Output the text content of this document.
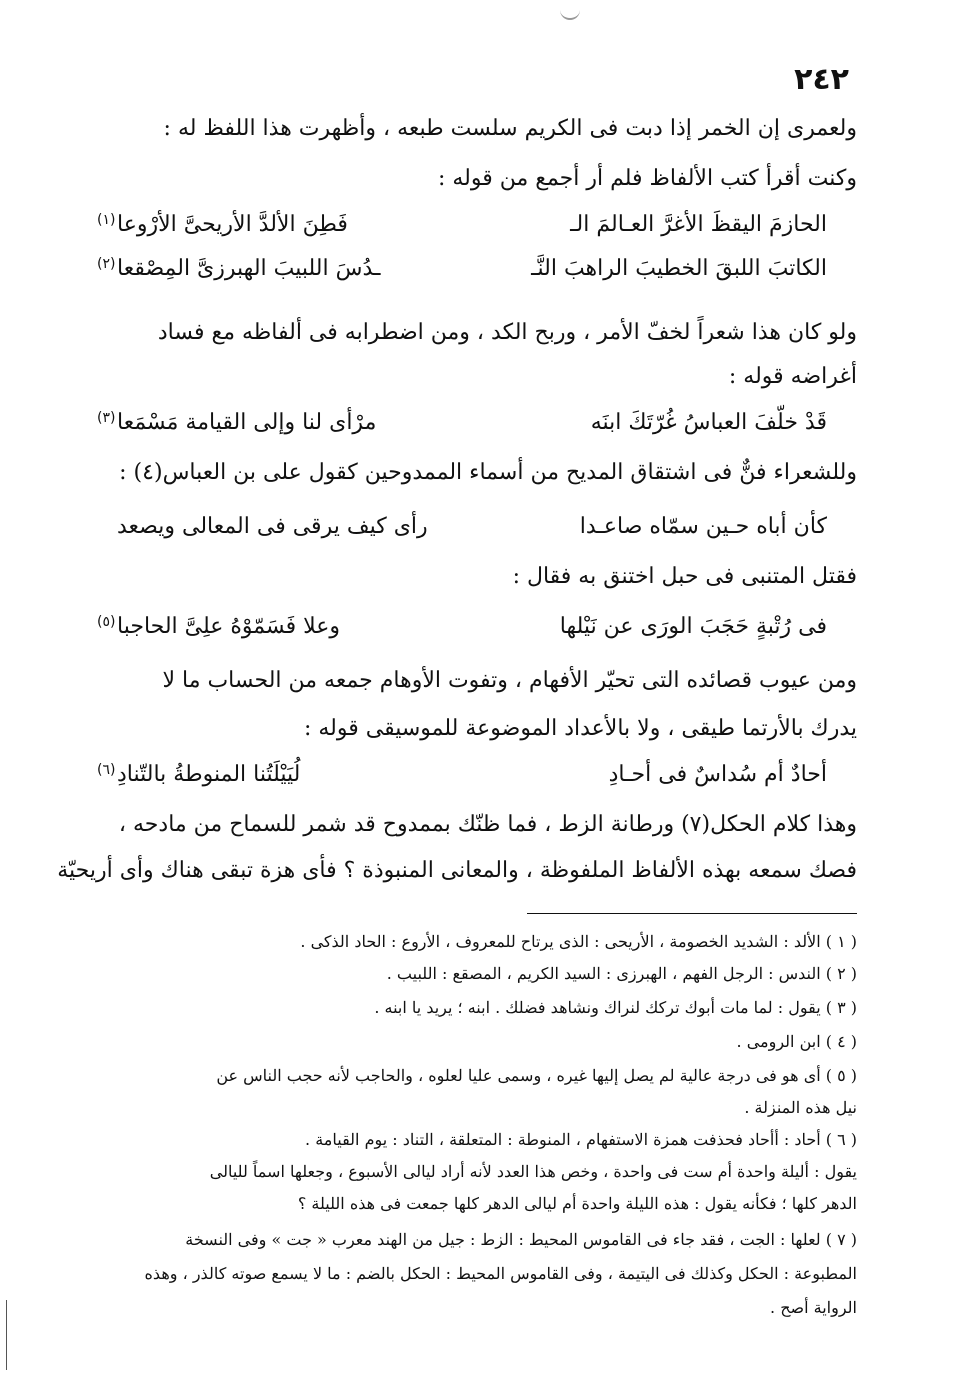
٢٤٢
ولعمرى إن الخمر إذا دبت فى الكريم سلست طبعه ، وأظهرت هذا اللفظ له :
وكنت أقرأ كتب الألفاظ فلم أر أجمع من قوله :
الحازمَ اليقظَ الأغرَّ العـالمَ الـ
فَطِنَ الألدَّ الأريحىَّ الأرْوعا
(١)
الكاتبَ اللبقَ الخطيبَ الراهبَ النَّـ
ـدُسَ اللبيبَ الهبرزىَّ المِصْقعا
(٢)
ولو كان هذا شعراً لخفّ الأمر ، وربح الكد ، ومن اضطرابه فى ألفاظه مع فساد
أغراضه قوله :
قَدْ خلّفَ العباسُ غُرّتَكَ ابنَه
مرْأى لنا وإلى القيامة مَسْمَعا
(٣)
وللشعراء فنٌّ فى اشتقاق المديح من أسماء الممدوحين كقول على بن العباس(٤) :
كأن أباه حـين سمّاه صاعـدا
رأى كيف يرقى فى المعالى ويصعد
فقتل المتنبى فى حبل اختنق به فقال :
فى رُتْبةٍ حَجَبَ الورَى عن نَيْلها
وعلا فَسَمّوْهُ علِىَّ الحاجبا
(٥)
ومن عيوب قصائده التى تحيّر الأفهام ، وتفوت الأوهام جمعه من الحساب ما لا
يدرك بالأرتما طيقى ، ولا بالأعداد الموضوعة للموسيقى قوله :
أحادٌ أم سُداسٌ فى أحـادِ
لُيَيْلَتُنا المنوطةُ بالتّنادِ
(٦)
وهذا كلام الحكل(٧) ورطانة الزط ، فما ظنّك بممدوح قد شمر للسماح من مادحه ،
فصك سمعه بهذه الألفاظ الملفوظة ، والمعانى المنبوذة ؟ فأى هزة تبقى هناك وأى أريحيّة
( ١ ) الألد : الشديد الخصومة ، الأريحى : الذى يرتاح للمعروف ، الأروع : الحاد الذكى .
( ٢ ) الندس : الرجل الفهم ، الهبرزى : السيد الكريم ، المصقع : اللبيب .
( ٣ ) يقول : لما مات أبوك تركك لنراك ونشاهد فضلك . ابنه ؛ يريد يا ابنه .
( ٤ ) ابن الرومى .
( ٥ ) أى هو فى درجة عالية لم يصل إليها غيره ، وسمى عليا لعلوه ، والحاجب لأنه حجب الناس عن
نيل هذه المنزلة .
( ٦ ) أحاد : أأحاد فحذفت همزة الاستفهام ، المنوطة : المتعلقة ، التناد : يوم القيامة .
يقول : أليلة واحدة أم ست فى واحدة ، وخص هذا العدد لأنه أراد ليالى الأسبوع ، وجعلها اسماً لليالى
الدهر كلها ؛ فكأنه يقول : هذه الليلة واحدة أم ليالى الدهر كلها جمعت فى هذه الليلة ؟
( ٧ ) لعلها : الجت ، فقد جاء فى القاموس المحيط : الزط : جيل من الهند معرب « جت » وفى النسخة
المطبوعة : الحكل وكذلك فى اليتيمة ، وفى القاموس المحيط : الحكل بالضم : ما لا يسمع صوته كالذر ، وهذه
الرواية أصح .
